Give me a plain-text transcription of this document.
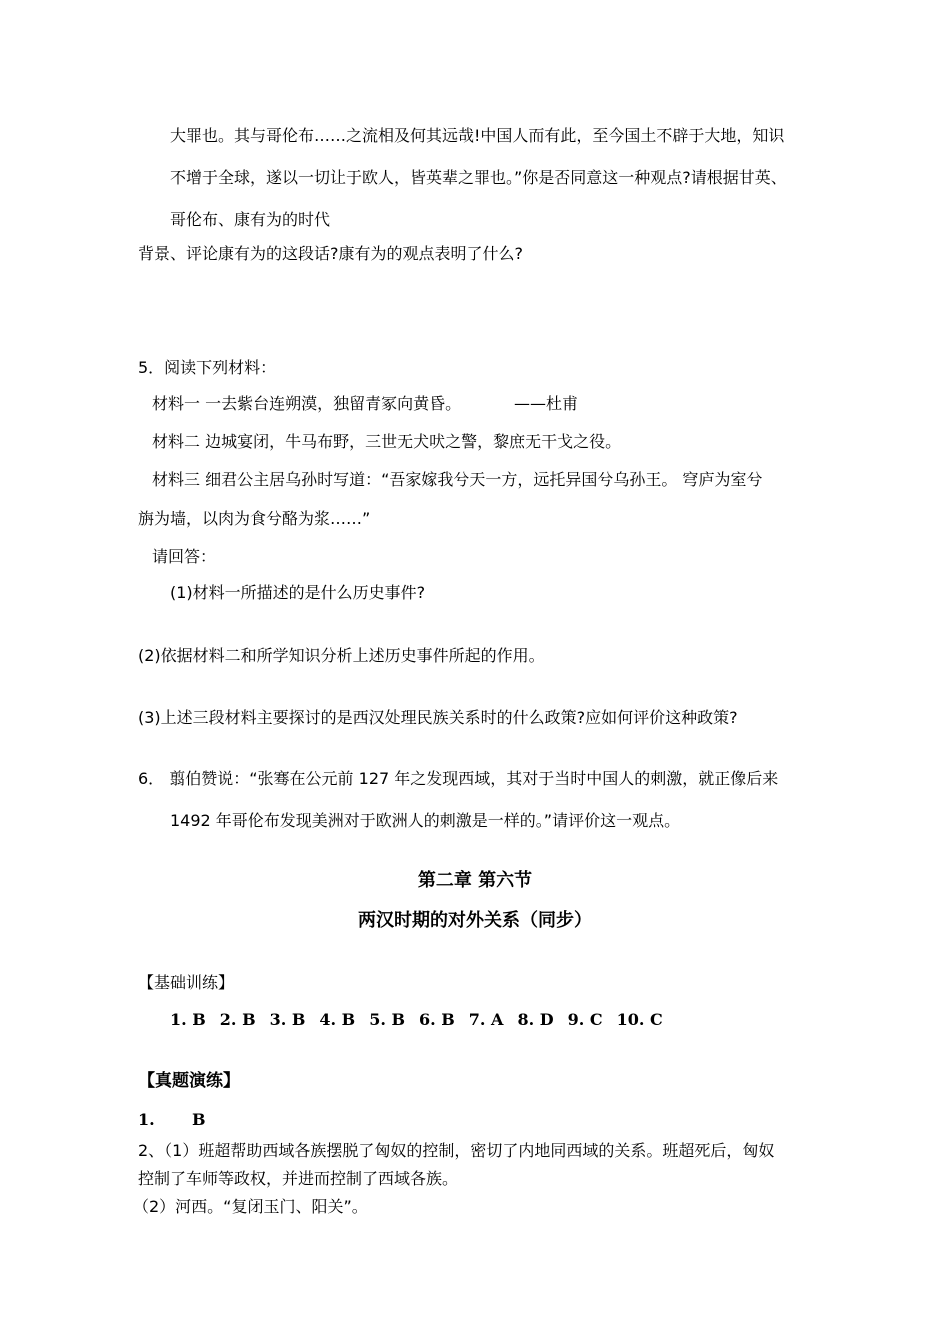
大罪也。其与哥伦布……之流相及何其远哉!中国人而有此，至今国土不辟于大地，知识
不增于全球，遂以一切让于欧人，皆英辈之罪也。”你是否同意这一种观点?请根据甘英、
哥伦布、康有为的时代
背景、评论康有为的这段话?康有为的观点表明了什么?
5．阅读下列材料：
材料一 一去紫台连朔漠，独留青冢向黄昏。	——杜甫
材料二 边城宴闭，牛马布野，三世无犬吠之警，黎庶无干戈之役。
材料三 细君公主居乌孙时写道：“吾家嫁我兮天一方，远托异国兮乌孙王。 穹庐为室兮
旃为墙，以肉为食兮酪为浆……”
请回答：
(1)材料一所描述的是什么历史事件?
(2)依据材料二和所学知识分析上述历史事件所起的作用。
(3)上述三段材料主要探讨的是西汉处理民族关系时的什么政策?应如何评价这种政策?
6． 翦伯赞说：“张骞在公元前 127 年之发现西域，其对于当时中国人的刺激，就正像后来
1492 年哥伦布发现美洲对于欧洲人的刺激是一样的。”请评价这一观点。
第二章 第六节
两汉时期的对外关系（同步）
【基础训练】
1. B 2. B 3. B 4. B 5. B 6. B 7. A 8. D 9. C 10. C
【真题演练】
1. B
2、（1）班超帮助西域各族摆脱了匈奴的控制，密切了内地同西域的关系。班超死后，匈奴
控制了车师等政权，并进而控制了西域各族。
（2）河西。“复闭玉门、阳关”。
